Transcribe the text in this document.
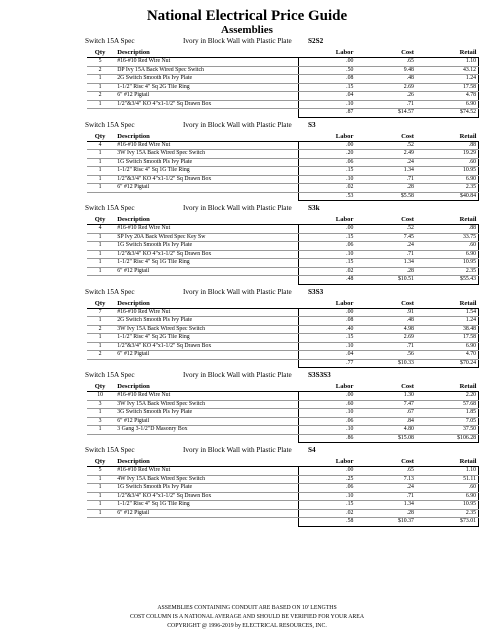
National Electrical Price Guide
Assemblies
Switch 15A Spec	Ivory in Block Wall with Plastic Plate S2S2
Qty	Description	Labor	Cost	Retail
5	#16-#10 Red Wire Nut	.00	.65	1.10
2	DP Ivy 15A Back Wired Spec Switch	.50	9.48	43.12
1	2G Switch Smooth Pls Ivy Plate	.08	.48	1.24
1	1-1/2" Risc 4" Sq 2G Tile Ring	.15	2.69	17.58
2	6" #12 Pigtail	.04	.26	4.78
1	1/2"&3/4" KO 4"x1-1/2" Sq Drawn Box	.10	.71	6.90
		.87	$14.57	$74.52
Switch 15A Spec	Ivory in Block Wall with Plastic Plate S3
Qty	Description	Labor	Cost	Retail
4	#16-#10 Red Wire Nut	.00	.52	.88
1	3W Ivy 15A Back Wired Spec Switch	.20	2.49	19.29
1	1G Switch Smooth Pls Ivy Plate	.06	.24	.60
1	1-1/2" Risc 4" Sq 1G Tile Ring	.15	1.34	10.95
1	1/2"&3/4" KO 4"x1-1/2" Sq Drawn Box	.10	.71	6.90
1	6" #12 Pigtail	.02	.28	2.35
		.53	$5.58	$40.84
Switch 15A Spec	Ivory in Block Wall with Plastic Plate S3k
Qty	Description	Labor	Cost	Retail
4	#16-#10 Red Wire Nut	.00	.52	.88
1	SP Ivy 20A Back Wired Spec Key Sw	.15	7.45	33.75
1	1G Switch Smooth Pls Ivy Plate	.06	.24	.60
1	1/2"&3/4" KO 4"x1-1/2" Sq Drawn Box	.10	.71	6.90
1	1-1/2" Risc 4" Sq 1G Tile Ring	.15	1.34	10.95
1	6" #12 Pigtail	.02	.28	2.35
		.48	$10.51	$55.43
Switch 15A Spec	Ivory in Block Wall with Plastic Plate S3S3
Qty	Description	Labor	Cost	Retail
7	#16-#10 Red Wire Nut	.00	.91	1.54
1	2G Switch Smooth Pls Ivy Plate	.08	.48	1.24
2	3W Ivy 15A Back Wired Spec Switch	.40	4.98	38.48
1	1-1/2" Risc 4" Sq 2G Tile Ring	.15	2.69	17.58
1	1/2"&3/4" KO 4"x1-1/2" Sq Drawn Box	.10	.71	6.90
2	6" #12 Pigtail	.04	.56	4.70
		.77	$10.33	$70.24
Switch 15A Spec	Ivory in Block Wall with Plastic Plate S3S3S3
Qty	Description	Labor	Cost	Retail
10	#16-#10 Red Wire Nut	.00	1.30	2.20
3	3W Ivy 15A Back Wired Spec Switch	.60	7.47	57.68
1	3G Switch Smooth Pls Ivy Plate	.10	.67	1.85
3	6" #12 Pigtail	.06	.84	7.05
1	3 Gang 3-1/2"D Masonry Box	.10	4.80	37.50
		.86	$15.08	$106.28
Switch 15A Spec	Ivory in Block Wall with Plastic Plate S4
Qty	Description	Labor	Cost	Retail
5	#16-#10 Red Wire Nut	.00	.65	1.10
1	4W Ivy 15A Back Wired Spec Switch	.25	7.13	51.11
1	1G Switch Smooth Pls Ivy Plate	.06	.24	.60
1	1/2"&3/4" KO 4"x1-1/2" Sq Drawn Box	.10	.71	6.90
1	1-1/2" Risc 4" Sq 1G Tile Ring	.15	1.34	10.95
1	6" #12 Pigtail	.02	.28	2.35
		.58	$10.37	$73.01
ASSEMBLIES CONTAINING CONDUIT ARE BASED ON 10' LENGTHS
COST COLUMN IS A NATIONAL AVERAGE AND SHOULD BE VERIFIED FOR YOUR AREA
COPYRIGHT @ 1996-2019 by ELECTRICAL RESOURCES, INC.
